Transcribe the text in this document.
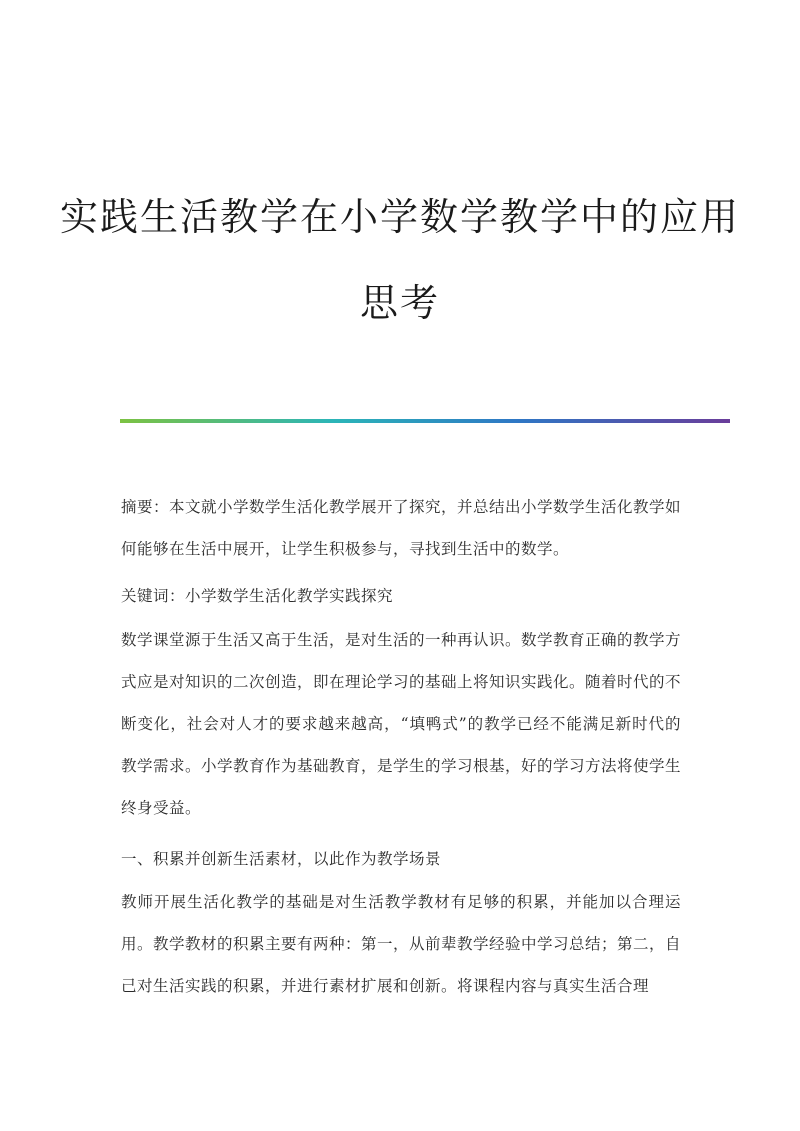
实践生活教学在小学数学教学中的应用
思考

摘要：本文就小学数学生活化教学展开了探究，并总结出小学数学生活化教学如何能够在生活中展开，让学生积极参与，寻找到生活中的数学。

关键词：小学数学生活化教学实践探究

数学课堂源于生活又高于生活，是对生活的一种再认识。数学教育正确的教学方式应是对知识的二次创造，即在理论学习的基础上将知识实践化。随着时代的不断变化，社会对人才的要求越来越高，“填鸭式”的教学已经不能满足新时代的教学需求。小学教育作为基础教育，是学生的学习根基，好的学习方法将使学生终身受益。

一、积累并创新生活素材，以此作为教学场景

教师开展生活化教学的基础是对生活教学教材有足够的积累，并能加以合理运用。教学教材的积累主要有两种：第一，从前辈教学经验中学习总结；第二，自己对生活实践的积累，并进行素材扩展和创新。将课程内容与真实生活合理
